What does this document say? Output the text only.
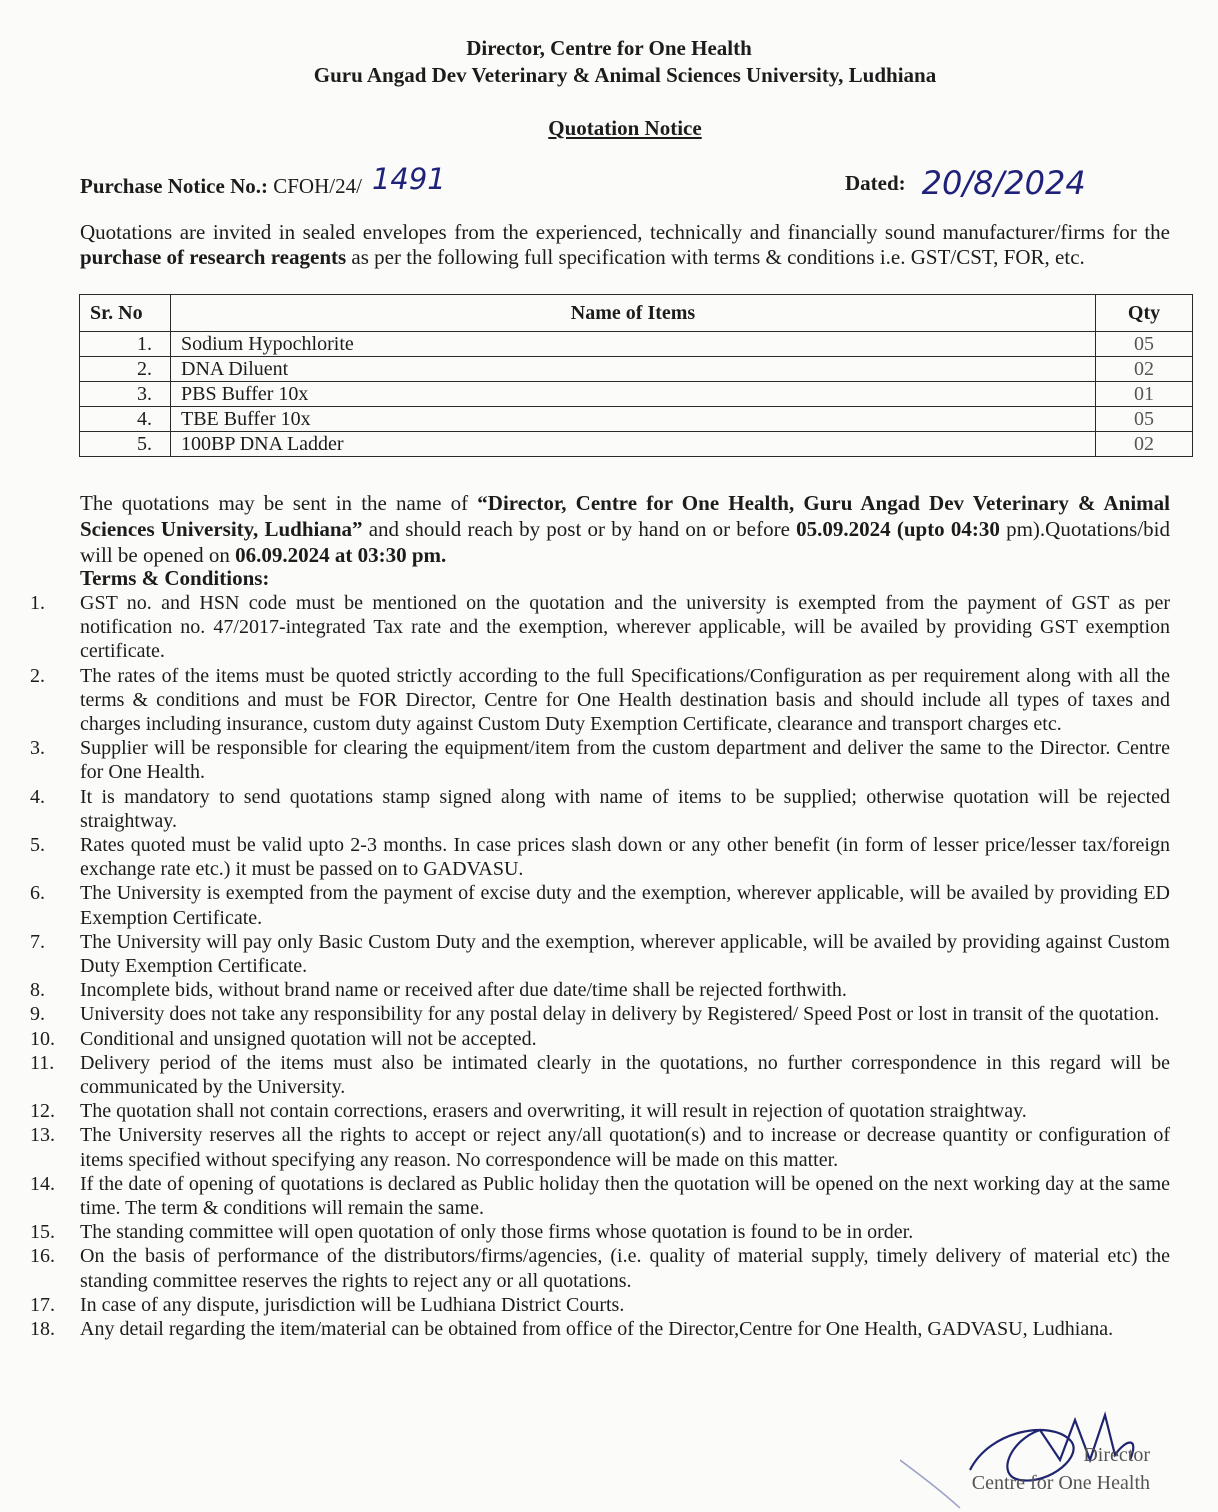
Director, Centre for One Health
Guru Angad Dev Veterinary & Animal Sciences University, Ludhiana
Quotation Notice
Purchase Notice No.: CFOH/24/ 1491	Dated: 20/8/2024
Quotations are invited in sealed envelopes from the experienced, technically and financially sound manufacturer/firms for the purchase of research reagents as per the following full specification with terms & conditions i.e. GST/CST, FOR, etc.
Sr. No	Name of Items	Qty
1.	Sodium Hypochlorite	05
2.	DNA Diluent	02
3.	PBS Buffer 10x	01
4.	TBE Buffer 10x	05
5.	100BP DNA Ladder	02
The quotations may be sent in the name of “Director, Centre for One Health, Guru Angad Dev Veterinary & Animal Sciences University, Ludhiana” and should reach by post or by hand on or before 05.09.2024 (upto 04:30 pm).Quotations/bid will be opened on 06.09.2024 at 03:30 pm.
Terms & Conditions:
1.	GST no. and HSN code must be mentioned on the quotation and the university is exempted from the payment of GST as per notification no. 47/2017-integrated Tax rate and the exemption, wherever applicable, will be availed by providing GST exemption certificate.
2.	The rates of the items must be quoted strictly according to the full Specifications/Configuration as per requirement along with all the terms & conditions and must be FOR Director, Centre for One Health destination basis and should include all types of taxes and charges including insurance, custom duty against Custom Duty Exemption Certificate, clearance and transport charges etc.
3.	Supplier will be responsible for clearing the equipment/item from the custom department and deliver the same to the Director. Centre for One Health.
4.	It is mandatory to send quotations stamp signed along with name of items to be supplied; otherwise quotation will be rejected straightway.
5.	Rates quoted must be valid upto 2-3 months. In case prices slash down or any other benefit (in form of lesser price/lesser tax/foreign exchange rate etc.) it must be passed on to GADVASU.
6.	The University is exempted from the payment of excise duty and the exemption, wherever applicable, will be availed by providing ED Exemption Certificate.
7.	The University will pay only Basic Custom Duty and the exemption, wherever applicable, will be availed by providing against Custom Duty Exemption Certificate.
8.	Incomplete bids, without brand name or received after due date/time shall be rejected forthwith.
9.	University does not take any responsibility for any postal delay in delivery by Registered/ Speed Post or lost in transit of the quotation.
10.	Conditional and unsigned quotation will not be accepted.
11.	Delivery period of the items must also be intimated clearly in the quotations, no further correspondence in this regard will be communicated by the University.
12.	The quotation shall not contain corrections, erasers and overwriting, it will result in rejection of quotation straightway.
13.	The University reserves all the rights to accept or reject any/all quotation(s) and to increase or decrease quantity or configuration of items specified without specifying any reason. No correspondence will be made on this matter.
14.	If the date of opening of quotations is declared as Public holiday then the quotation will be opened on the next working day at the same time. The term & conditions will remain the same.
15.	The standing committee will open quotation of only those firms whose quotation is found to be in order.
16.	On the basis of performance of the distributors/firms/agencies, (i.e. quality of material supply, timely delivery of material etc) the standing committee reserves the rights to reject any or all quotations.
17.	In case of any dispute, jurisdiction will be Ludhiana District Courts.
18.	Any detail regarding the item/material can be obtained from office of the Director,Centre for One Health, GADVASU, Ludhiana.
Director
Centre for One Health
